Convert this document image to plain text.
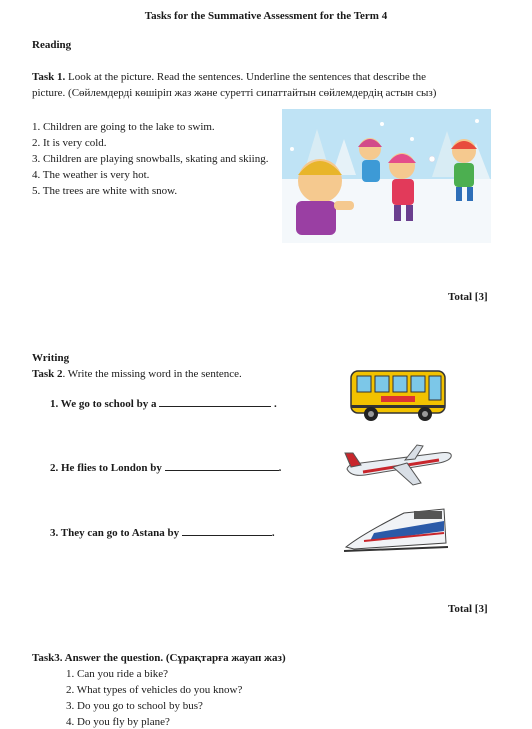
Tasks for the Summative Assessment for the Term 4
Reading
Task 1. Look at the picture. Read the sentences. Underline the sentences that describe the
picture. (Сөйлемдерді көшіріп жаз және суретті сипаттайтын сөйлемдердің астын сыз)
1. Children are going to the lake to swim.
2. It is very cold.
3. Children are playing snowballs, skating and skiing.
4. The weather is very hot.
5. The trees are white with snow.
Total [3]
Writing
Task 2. Write the missing word in the sentence.
1. We go to school by a	.
2. He flies to London by	.
3. They can go to Astana by	.
Total [3]
Task3. Answer the question. (Сұрақтарға жауап жаз)
1. Can you ride a bike?
2. What types of vehicles do you know?
3. Do you go to school by bus?
4. Do you fly by plane?
